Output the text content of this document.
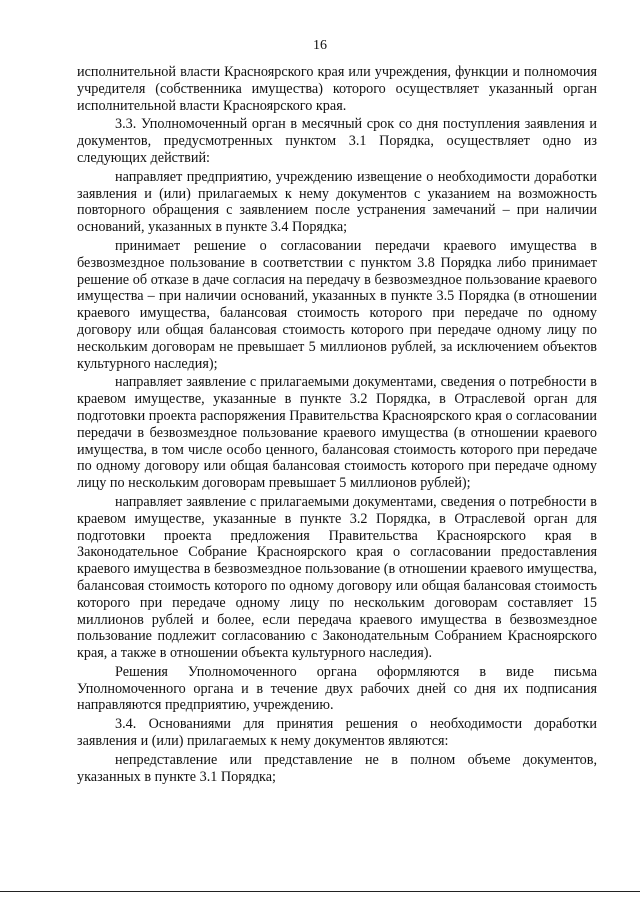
16

исполнительной власти Красноярского края или учреждения, функции и полномочия учредителя (собственника имущества) которого осуществляет указанный орган исполнительной власти Красноярского края.

3.3. Уполномоченный орган в месячный срок со дня поступления заявления и документов, предусмотренных пунктом 3.1 Порядка, осуществляет одно из следующих действий:

направляет предприятию, учреждению извещение о необходимости доработки заявления и (или) прилагаемых к нему документов с указанием на возможность повторного обращения с заявлением после устранения замечаний – при наличии оснований, указанных в пункте 3.4 Порядка;

принимает решение о согласовании передачи краевого имущества в безвозмездное пользование в соответствии с пунктом 3.8 Порядка либо принимает решение об отказе в даче согласия на передачу в безвозмездное пользование краевого имущества – при наличии оснований, указанных в пункте 3.5 Порядка (в отношении краевого имущества, балансовая стоимость которого при передаче по одному договору или общая балансовая стоимость которого при передаче одному лицу по нескольким договорам не превышает 5 миллионов рублей, за исключением объектов культурного наследия);

направляет заявление с прилагаемыми документами, сведения о потребности в краевом имуществе, указанные в пункте 3.2 Порядка, в Отраслевой орган для подготовки проекта распоряжения Правительства Красноярского края о согласовании передачи в безвозмездное пользование краевого имущества (в отношении краевого имущества, в том числе особо ценного, балансовая стоимость которого при передаче по одному договору или общая балансовая стоимость которого при передаче одному лицу по нескольким договорам превышает 5 миллионов рублей);

направляет заявление с прилагаемыми документами, сведения о потребности в краевом имуществе, указанные в пункте 3.2 Порядка, в Отраслевой орган для подготовки проекта предложения Правительства Красноярского края в Законодательное Собрание Красноярского края о согласовании предоставления краевого имущества в безвозмездное пользование (в отношении краевого имущества, балансовая стоимость которого по одному договору или общая балансовая стоимость которого при передаче одному лицу по нескольким договорам составляет 15 миллионов рублей и более, если передача краевого имущества в безвозмездное пользование подлежит согласованию с Законодательным Собранием Красноярского края, а также в отношении объекта культурного наследия).

Решения Уполномоченного органа оформляются в виде письма Уполномоченного органа и в течение двух рабочих дней со дня их подписания направляются предприятию, учреждению.

3.4. Основаниями для принятия решения о необходимости доработки заявления и (или) прилагаемых к нему документов являются:

непредставление или представление не в полном объеме документов, указанных в пункте 3.1 Порядка;
